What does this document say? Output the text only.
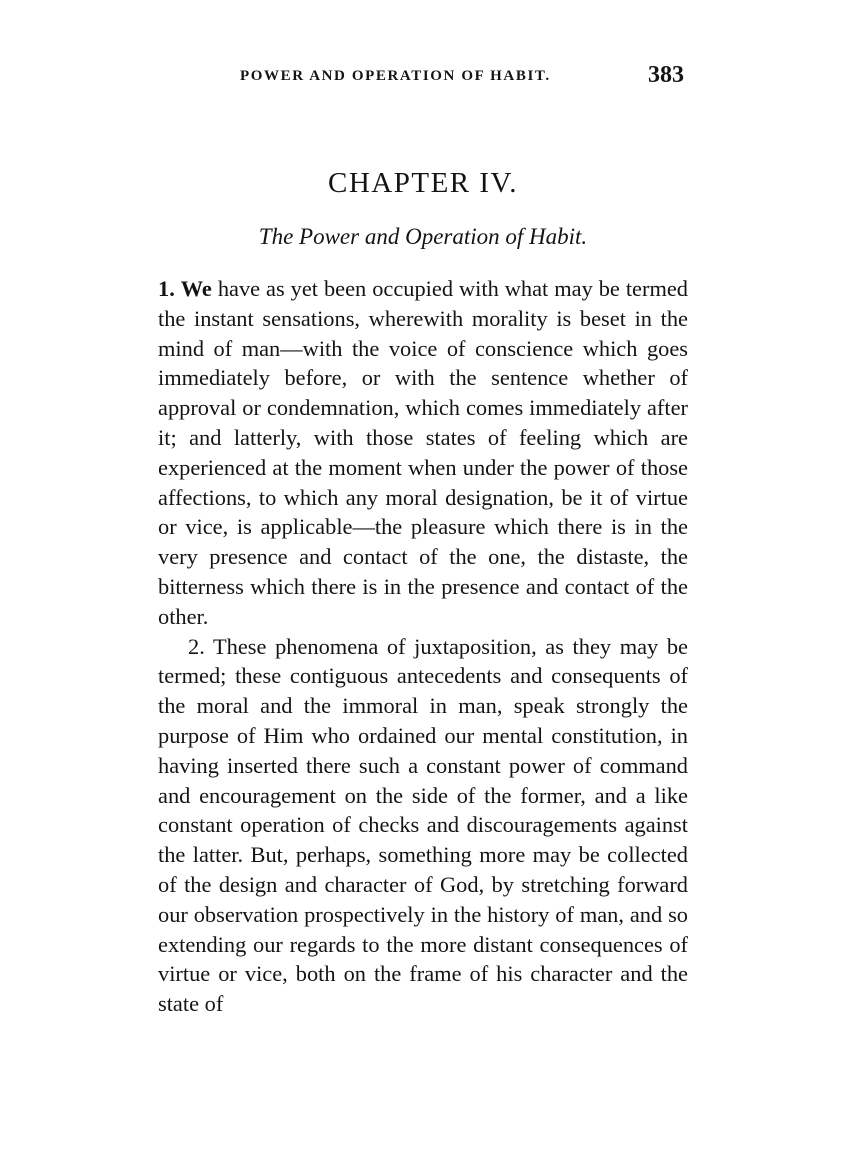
POWER AND OPERATION OF HABIT.	383
CHAPTER IV.
The Power and Operation of Habit.

1. We have as yet been occupied with what may be termed the instant sensations, wherewith morality is beset in the mind of man—with the voice of conscience which goes immediately before, or with the sentence whether of approval or condemnation, which comes immediately after it; and latterly, with those states of feeling which are experienced at the moment when under the power of those affections, to which any moral designation, be it of virtue or vice, is applicable—the pleasure which there is in the very presence and contact of the one, the distaste, the bitterness which there is in the presence and contact of the other.

2. These phenomena of juxtaposition, as they may be termed; these contiguous antecedents and consequents of the moral and the immoral in man, speak strongly the purpose of Him who ordained our mental constitution, in having inserted there such a constant power of command and encouragement on the side of the former, and a like constant operation of checks and discouragements against the latter. But, perhaps, something more may be collected of the design and character of God, by stretching forward our observation prospectively in the history of man, and so extending our regards to the more distant consequences of virtue or vice, both on the frame of his character and the state of
